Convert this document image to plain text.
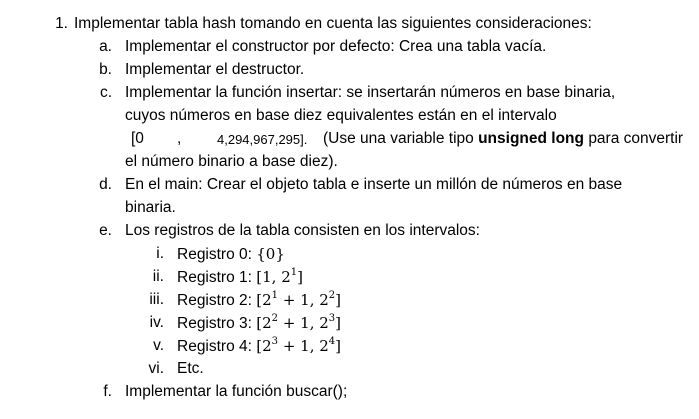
1. Implementar tabla hash tomando en cuenta las siguientes consideraciones:
a. Implementar el constructor por defecto: Crea una tabla vacía.
b. Implementar el destructor.
c. Implementar la función insertar: se insertarán números en base binaria,
cuyos números en base diez equivalentes están en el intervalo
[0 ,	4,294,967,295]. (Use una variable tipo unsigned long para convertir
el número binario a base diez).
d. En el main: Crear el objeto tabla e inserte un millón de números en base
binaria.
e. Los registros de la tabla consisten en los intervalos:
i. Registro 0: {0}
ii. Registro 1: [1, $2^1$]
iii. Registro 2: [$2^1 + 1$, $2^2$]
iv. Registro 3: [$2^2 + 1$, $2^3$]
v. Registro 4: [$2^3 + 1$, $2^4$]
vi. Etc.
f. Implementar la función buscar();
